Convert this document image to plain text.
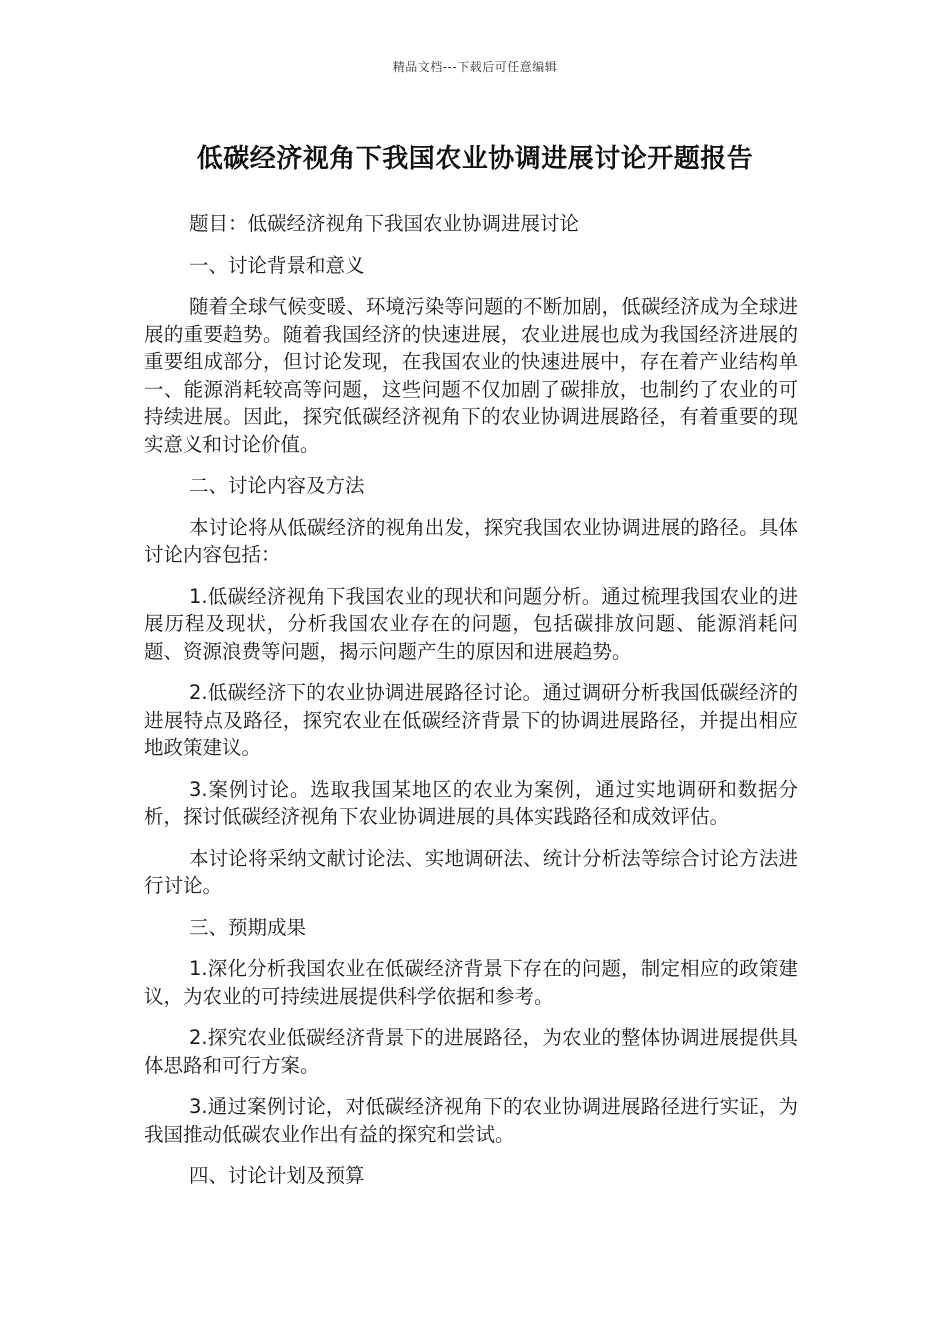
精品文档---下载后可任意编辑
低碳经济视角下我国农业协调进展讨论开题报告

题目：低碳经济视角下我国农业协调进展讨论

一、讨论背景和意义

随着全球气候变暖、环境污染等问题的不断加剧，低碳经济成为全球进展的重要趋势。随着我国经济的快速进展，农业进展也成为我国经济进展的重要组成部分，但讨论发现，在我国农业的快速进展中，存在着产业结构单一、能源消耗较高等问题，这些问题不仅加剧了碳排放，也制约了农业的可持续进展。因此，探究低碳经济视角下的农业协调进展路径，有着重要的现实意义和讨论价值。

二、讨论内容及方法

本讨论将从低碳经济的视角出发，探究我国农业协调进展的路径。具体讨论内容包括：

1.低碳经济视角下我国农业的现状和问题分析。通过梳理我国农业的进展历程及现状，分析我国农业存在的问题，包括碳排放问题、能源消耗问题、资源浪费等问题，揭示问题产生的原因和进展趋势。

2.低碳经济下的农业协调进展路径讨论。通过调研分析我国低碳经济的进展特点及路径，探究农业在低碳经济背景下的协调进展路径，并提出相应地政策建议。

3.案例讨论。选取我国某地区的农业为案例，通过实地调研和数据分析，探讨低碳经济视角下农业协调进展的具体实践路径和成效评估。

本讨论将采纳文献讨论法、实地调研法、统计分析法等综合讨论方法进行讨论。

三、预期成果

1.深化分析我国农业在低碳经济背景下存在的问题，制定相应的政策建议，为农业的可持续进展提供科学依据和参考。

2.探究农业低碳经济背景下的进展路径，为农业的整体协调进展提供具体思路和可行方案。

3.通过案例讨论，对低碳经济视角下的农业协调进展路径进行实证，为我国推动低碳农业作出有益的探究和尝试。

四、讨论计划及预算
